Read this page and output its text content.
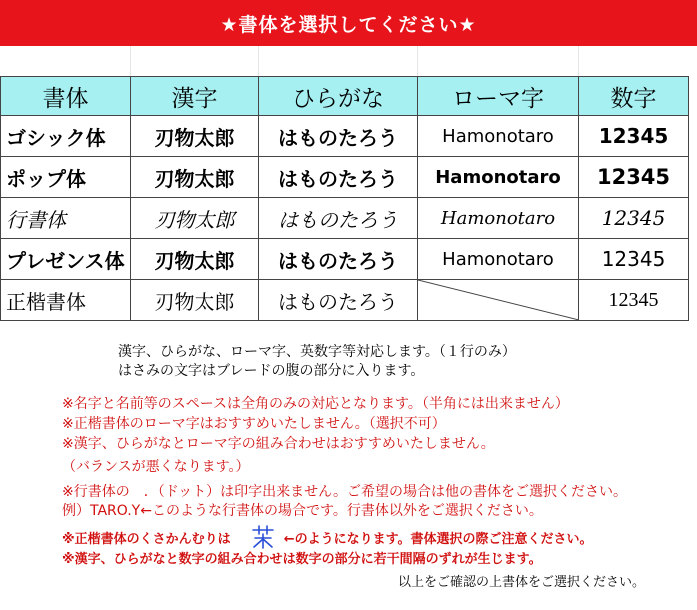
★書体を選択してください★
書体	漢字	ひらがな	ローマ字	数字
ゴシック体	刃物太郎	はものたろう	Hamonotaro	12345
ポップ体	刃物太郎	はものたろう	Hamonotaro	12345
行書体	刃物太郎	はものたろう	Hamonotaro	12345
プレゼンス体	刃物太郎	はものたろう	Hamonotaro	12345
正楷書体	刃物太郎	はものたろう		12345
漢字、ひらがな、ローマ字、英数字等対応します。（１行のみ）
はさみの文字はブレードの腹の部分に入ります。
※名字と名前等のスペースは全角のみの対応となります。（半角には出来ません）
※正楷書体のローマ字はおすすめいたしません。（選択不可）
※漢字、ひらがなとローマ字の組み合わせはおすすめいたしません。
（バランスが悪くなります。）
※行書体の　．（ドット）は印字出来ません。ご希望の場合は他の書体をご選択ください。
例）TARO.Y←このような行書体の場合です。行書体以外をご選択ください。
※正楷書体のくさかんむりは	←のようになります。書体選択の際ご注意ください。
※漢字、ひらがなと数字の組み合わせは数字の部分に若干間隔のずれが生じます。
以上をご確認の上書体をご選択ください。
